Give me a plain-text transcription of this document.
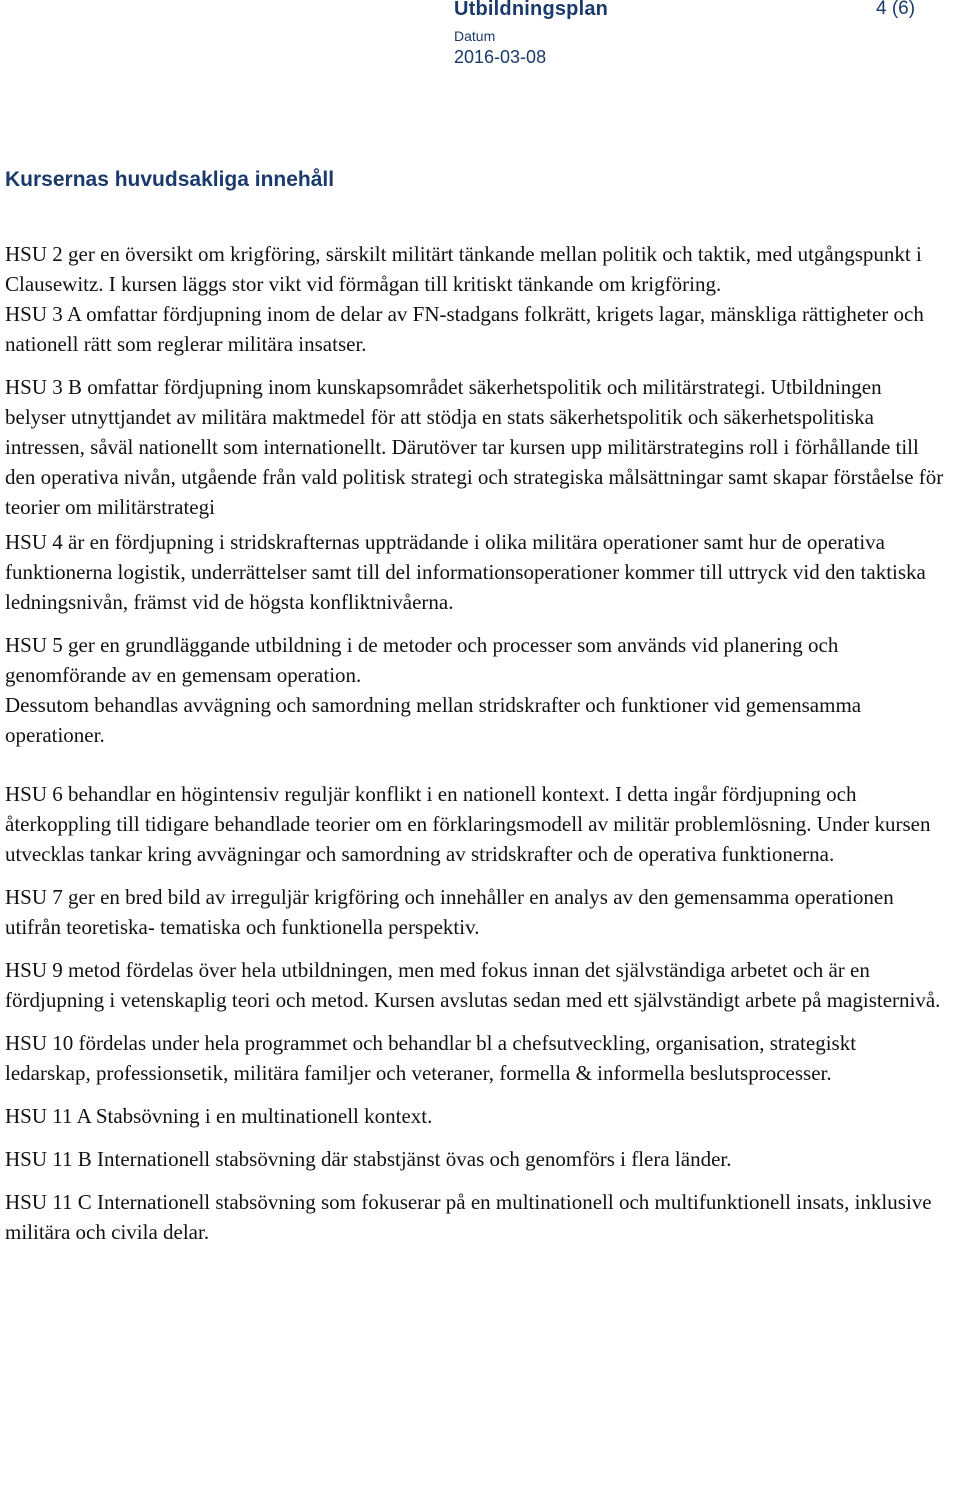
Utbildningsplan	4 (6)
Datum
2016-03-08
Kursernas huvudsakliga innehåll

HSU 2 ger en översikt om krigföring, särskilt militärt tänkande mellan politik och taktik, med utgångspunkt i Clausewitz. I kursen läggs stor vikt vid förmågan till kritiskt tänkande om krigföring.

HSU 3 A omfattar fördjupning inom de delar av FN-stadgans folkrätt, krigets lagar, mänskliga rättigheter och nationell rätt som reglerar militära insatser.

HSU 3 B omfattar fördjupning inom kunskapsområdet säkerhetspolitik och militärstrategi. Utbildningen belyser utnyttjandet av militära maktmedel för att stödja en stats säkerhetspolitik och säkerhetspolitiska intressen, såväl nationellt som internationellt. Därutöver tar kursen upp militärstrategins roll i förhållande till den operativa nivån, utgående från vald politisk strategi och strategiska målsättningar samt skapar förståelse för teorier om militärstrategi

HSU 4 är en fördjupning i stridskrafternas uppträdande i olika militära operationer samt hur de operativa funktionerna logistik, underrättelser samt till del informationsoperationer kommer till uttryck vid den taktiska ledningsnivån, främst vid de högsta konfliktnivåerna.

HSU 5 ger en grundläggande utbildning i de metoder och processer som används vid planering och genomförande av en gemensam operation.

Dessutom behandlas avvägning och samordning mellan stridskrafter och funktioner vid gemensamma operationer.

HSU 6 behandlar en högintensiv reguljär konflikt i en nationell kontext. I detta ingår fördjupning och återkoppling till tidigare behandlade teorier om en förklaringsmodell av militär problemlösning. Under kursen utvecklas tankar kring avvägningar och samordning av stridskrafter och de operativa funktionerna.

HSU 7 ger en bred bild av irreguljär krigföring och innehåller en analys av den gemensamma operationen utifrån teoretiska- tematiska och funktionella perspektiv.

HSU 9 metod fördelas över hela utbildningen, men med fokus innan det självständiga arbetet och är en fördjupning i vetenskaplig teori och metod. Kursen avslutas sedan med ett självständigt arbete på magisternivå.

HSU 10 fördelas under hela programmet och behandlar bl a chefsutveckling, organisation, strategiskt ledarskap, professionsetik, militära familjer och veteraner, formella & informella beslutsprocesser.

HSU 11 A Stabsövning i en multinationell kontext.

HSU 11 B Internationell stabsövning där stabstjänst övas och genomförs i flera länder.

HSU 11 C Internationell stabsövning som fokuserar på en multinationell och multifunktionell insats, inklusive militära och civila delar.
